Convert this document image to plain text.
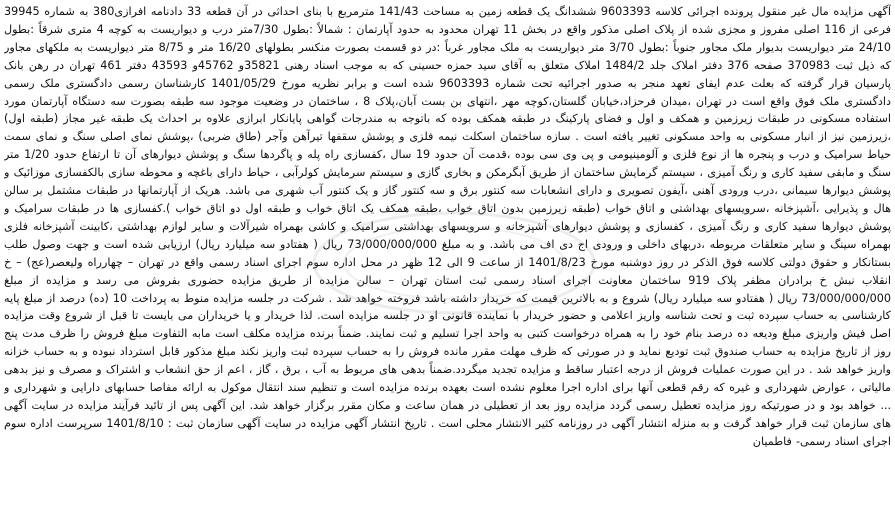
آگهی مزایده مال غیر منقول پرونده اجرائی کلاسه 9603393 ششدانگ یک قطعه زمین به مساحت 141/43 مترمربع با بنای احداثی در آن قطعه 33 دادنامه افرازی380 به شماره 39945 فرعی از 116 اصلی مفروز و مجزی شده از پلاک اصلی مذکور واقع در بخش 11 تهران محدود به حدود آپارتمان : شمالاً :بطول 7/30متر درب و دیواریست به کوچه 4 متری شرقاً :بطول 24/10 متر دیواریست بدیوار ملک مجاور جنوباً :بطول 3/70 متر دیواریست به ملک مجاور غرباً :در دو قسمت بصورت منکسر بطولهای 16/20 متر و 8/75 متر دیواریست به ملکهای مجاور که ذیل ثبت 370983 صفحه 376 دفتر املاک جلد 1484/2 املاک متعلق به آقای سید حمزه حسینی که به موجب اسناد رهنی 35821و 45762و 43593 دفتر 461 تهران در رهن بانک پارسیان قرار گرفته که بعلت عدم ایفای تعهد منجر به صدور اجرائیه تحت شماره 9603393 شده است و برابر نظریه مورخ 1401/05/29 کارشناسان رسمی دادگستری ملک رسمی دادگستری ملک فوق واقع است در تهران ،میدان فرحزاد،خیابان گلستان،کوچه مهر ،انتهای بن بست آبان،پلاک 8 ، ساختمان در وضعیت موجود سه طبقه بصورت سه دستگاه آپارتمان مورد استفاده مسکونی در طبقات زیرزمین و همکف و اول و فضای پارکینگ در طبقه همکف بوده که باتوجه به مندرجات گواهی پایانکار ابرازی علاوه بر احداث یک طبقه غیر مجاز (طبقه اول) ،زیرزمین نیز از انبار مسکونی به واحد مسکونی تغییر یافته است . سازه ساختمان اسکلت نیمه فلزی و پوشش سقفها تیرآهن وآجر (طاق ضربی) ،پوشش نمای اصلی سنگ و نمای سمت حیاط سرامیک و درب و پنجره ها از نوع فلزی و آلومینیومی و پی وی سی بوده ،قدمت آن حدود 19 سال ،کفسازی راه پله و پاگردها سنگ و پوشش دیوارهای آن تا ارتفاع حدود 1/20 متر سنگ و مابقی سفید کاری و رنگ آمیزی ، سیستم گرمایش ساختمان از طریق آبگرمکن و بخاری گازی و سیستم سرمایش کولرآبی ، حیاط دارای باغچه و محوطه سازی بالکفسازی موزائیک و پوشش دیوارها سیمانی ،درب ورودی آهنی ،آیفون تصویری و دارای انشعابات سه کنتور برق و سه کنتور گاز و یک کنتور آب شهری می باشد. هریک از آپارتمانها در طبقات مشتمل بر سالن هال و پذیرایی ،آشپزخانه ،سرویسهای بهداشتی و اتاق خواب (طبقه زیرزمین بدون اتاق خواب ،طبقه همکف یک اتاق خواب و طبقه اول دو اتاق خواب ).کفسازی ها در طبقات سرامیک و پوشش دیوارها سفید کاری و رنگ آمیزی ، کفسازی و پوشش دیوارهای آشپزخانه و سرویسهای بهداشتی سرامیک و کاشی بهمراه شیرآلات و سایر لوازم بهداشتی ،کابینت آشپزخانه فلزی بهمراه سینگ و سایر متعلقات مربوطه ،دربهای داخلی و ورودی اج دی اف می باشد. و به مبلغ 73/000/000/000 ریال ( هفتادو سه میلیارد ریال) ارزیابی شده است و جهت وصول طلب بستانکار و حقوق دولتی کلاسه فوق الذکر در روز دوشنبه مورخ 1401/8/23 از ساعت 9 الی 12 ظهر در محل اداره سوم اجرای اسناد رسمی واقع در تهران – چهارراه ولیعصر(عج) – خ انقلاب نبش خ برادران مظفر پلاک 919 ساختمان معاونت اجرای اسناد رسمی ثبت استان تهران – سالن مزایده از طریق مزایده حضوری بفروش می رسد و مزایده از مبلغ 73/000/000/000 ریال ( هفتادو سه میلیارد ریال) شروع و به بالاترین قیمت که خریدار داشته باشد فروخته خواهد شد . شرکت در جلسه مزایده منوط به پرداخت 10 (ده) درصد از مبلغ پایه کارشناسی به حساب سپرده ثبت و تحت شناسه واریز اعلامی و حضور خریدار با نماینده قانونی او در جلسه مزایده است. لذا خریدار و یا خریداران می بایست تا قبل از شروع وقت مزایده اصل فیش واریزی مبلغ ودیعه ده درصد بنام خود را به همراه درخواست کتبی به واحد اجرا تسلیم و ثبت نمایند. ضمناً برنده مزایده مکلف است مابه التفاوت مبلغ فروش را ظرف مدت پنج روز از تاریخ مزایده به حساب صندوق ثبت تودیع نماید و در صورتی که ظرف مهلت مقرر مانده فروش را به حساب سپرده ثبت واریز نکند مبلغ مذکور قابل استرداد نبوده و به حساب خزانه واریز خواهد شد . در این صورت عملیات فروش از درجه اعتبار ساقط و مزایده تجدید میگردد.ضمناً بدهی های مربوط به آب ، برق ، گاز ، اعم از حق انشعاب و اشتراک و مصرف و نیز بدهی مالیاتی ، عوارض شهرداری و غیره که رقم قطعی آنها برای اداره اجرا معلوم نشده است بعهده برنده مزایده است و تنظیم سند انتقال موکول به ارائه مفاصا حسابهای دارایی و شهرداری و ... خواهد بود و در صورتیکه روز مزایده تعطیل رسمی گردد مزایده روز بعد از تعطیلی در همان ساعت و مکان مقرر برگزار خواهد شد. این آگهی پس از تائید فرآیند مزایده در سایت آگهی های سازمان ثبت قرار خواهد گرفت و به منزله انتشار آگهی در روزنامه کثیر الانتشار محلی است . تاریخ انتشار آگهی مزایده در سایت آگهی سازمان ثبت : 1401/8/10 سرپرست اداره سوم اجرای اسناد رسمی- فاطمیان
